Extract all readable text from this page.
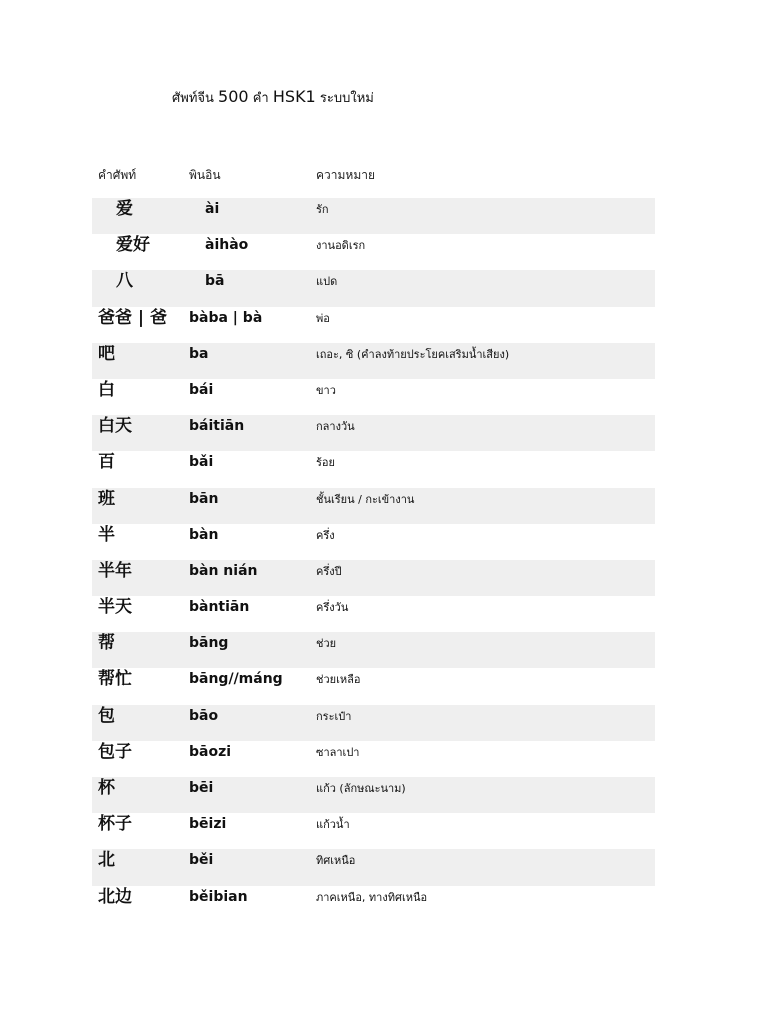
ศัพท์จีน 500 คำ HSK1 ระบบใหม่
คำศัพท์	พินอิน	ความหมาย
爱	ài	รัก
爱好	àihào	งานอดิเรก
八	bā	แปด
爸爸 | 爸 bàba | bà	พ่อ
吧	ba	เถอะ, ซิ (คำลงท้ายประโยคเสริมน้ำเสียง)
白	bái	ขาว
白天	báitiān	กลางวัน
百	bǎi	ร้อย
班	bān	ชั้นเรียน / กะเข้างาน
半	bàn	ครึ่ง
半年	bàn nián	ครึ่งปี
半天	bàntiān	ครึ่งวัน
帮	bāng	ช่วย
帮忙	bāng//máng	ช่วยเหลือ
包	bāo	กระเป๋า
包子	bāozi	ซาลาเปา
杯	bēi	แก้ว (ลักษณะนาม)
杯子	bēizi	แก้วน้ำ
北	běi	ทิศเหนือ
北边	běibian	ภาคเหนือ, ทางทิศเหนือ
